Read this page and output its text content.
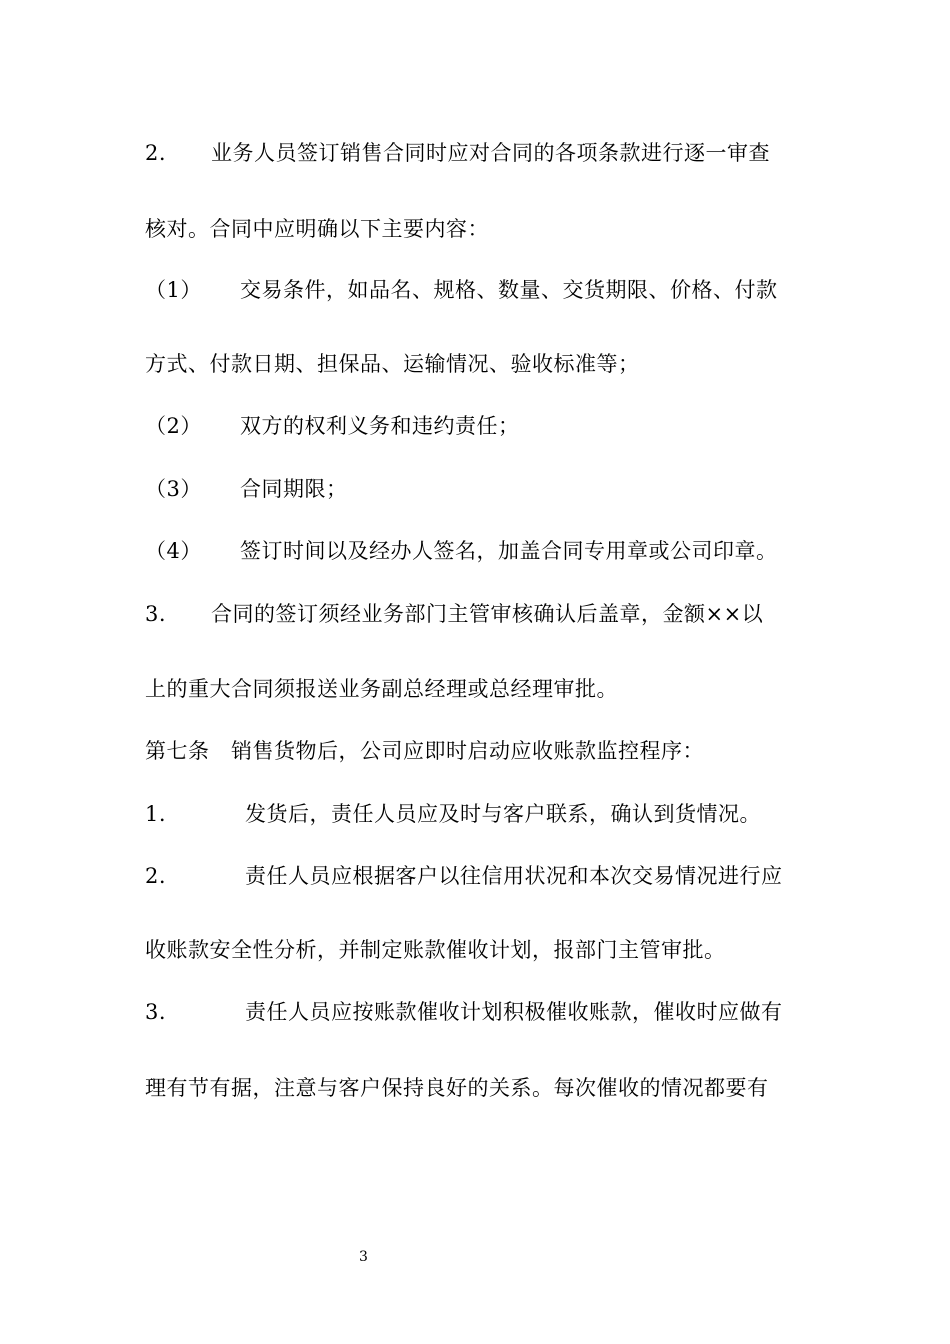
2. 业务人员签订销售合同时应对合同的各项条款进行逐一审查
核对。合同中应明确以下主要内容：
（1） 交易条件，如品名、规格、数量、交货期限、价格、付款
方式、付款日期、担保品、运输情况、验收标准等；
（2） 双方的权利义务和违约责任；
（3） 合同期限；
（4） 签订时间以及经办人签名，加盖合同专用章或公司印章。
3. 合同的签订须经业务部门主管审核确认后盖章，金额××以
上的重大合同须报送业务副总经理或总经理审批。
第七条　销售货物后，公司应即时启动应收账款监控程序：
1.	发货后，责任人员应及时与客户联系，确认到货情况。
2.	责任人员应根据客户以往信用状况和本次交易情况进行应
收账款安全性分析，并制定账款催收计划，报部门主管审批。
3.	责任人员应按账款催收计划积极催收账款，催收时应做有
理有节有据，注意与客户保持良好的关系。每次催收的情况都要有
3
